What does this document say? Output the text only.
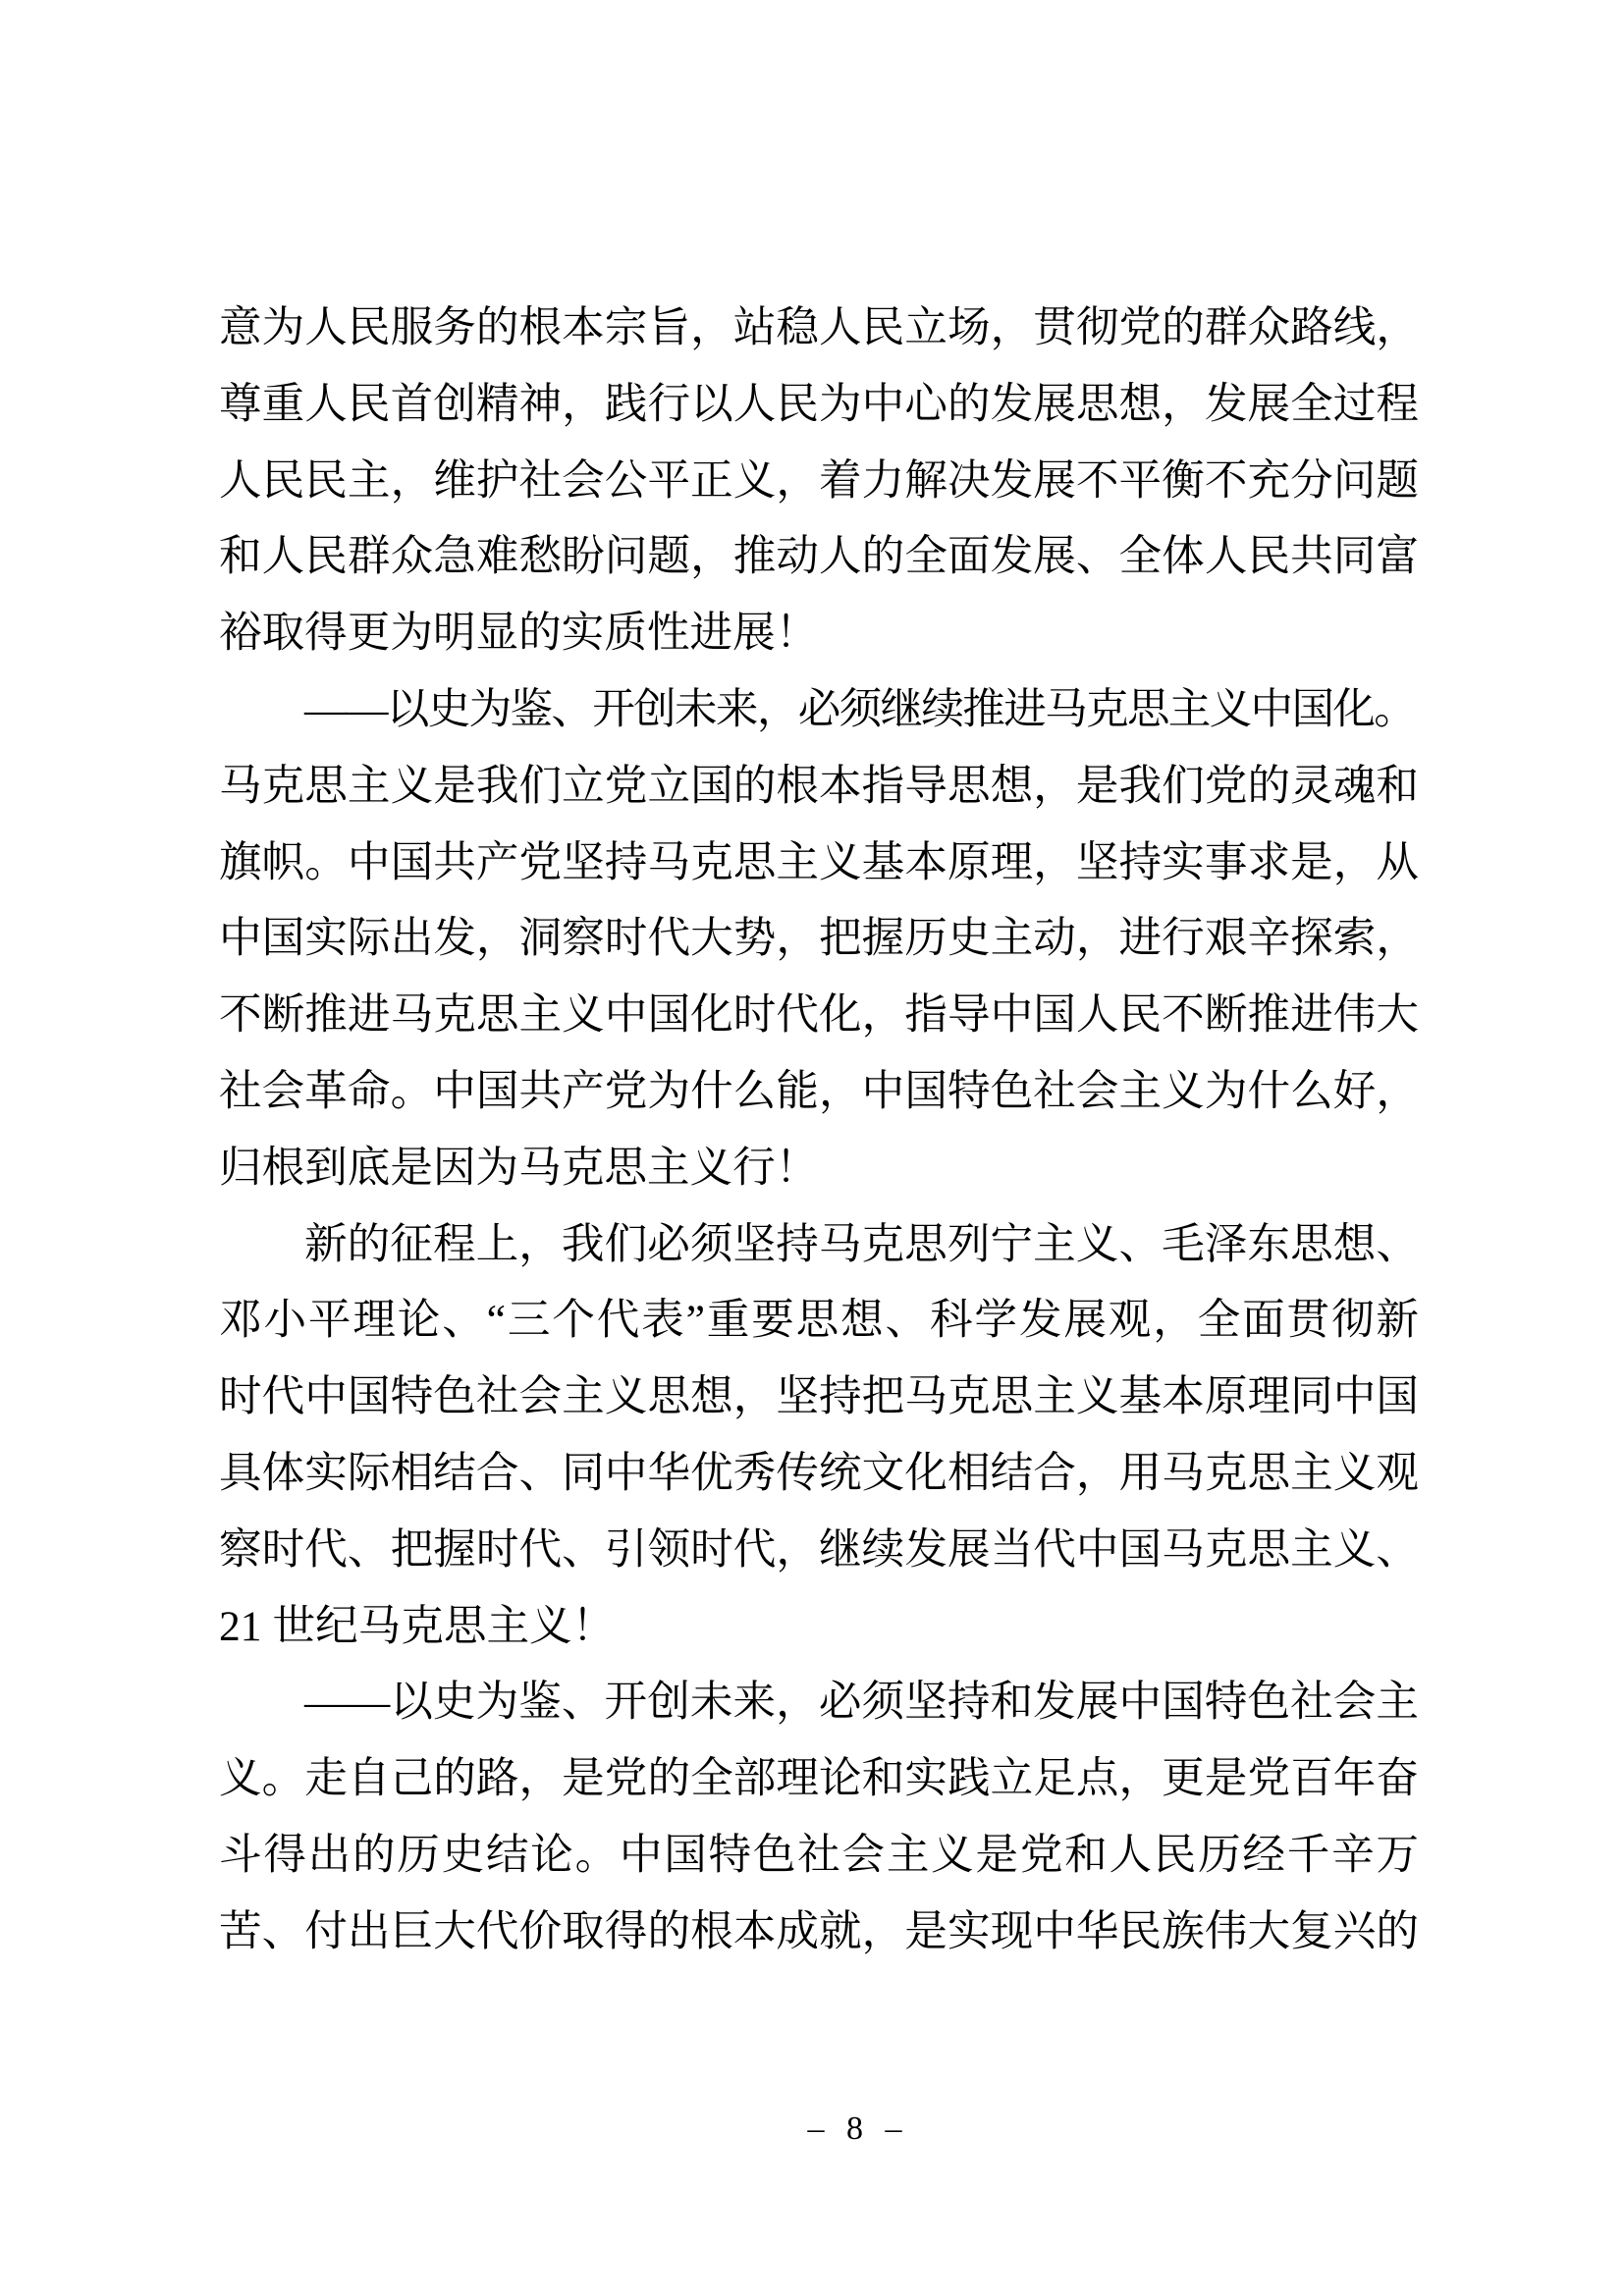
意为人民服务的根本宗旨，站稳人民立场，贯彻党的群众路线，
尊重人民首创精神，践行以人民为中心的发展思想，发展全过程
人民民主，维护社会公平正义，着力解决发展不平衡不充分问题
和人民群众急难愁盼问题，推动人的全面发展、全体人民共同富
裕取得更为明显的实质性进展！
——以史为鉴、开创未来，必须继续推进马克思主义中国化。
马克思主义是我们立党立国的根本指导思想，是我们党的灵魂和
旗帜。中国共产党坚持马克思主义基本原理，坚持实事求是，从
中国实际出发，洞察时代大势，把握历史主动，进行艰辛探索，
不断推进马克思主义中国化时代化，指导中国人民不断推进伟大
社会革命。中国共产党为什么能，中国特色社会主义为什么好，
归根到底是因为马克思主义行！
新的征程上，我们必须坚持马克思列宁主义、毛泽东思想、
邓小平理论、“三个代表”重要思想、科学发展观，全面贯彻新
时代中国特色社会主义思想，坚持把马克思主义基本原理同中国
具体实际相结合、同中华优秀传统文化相结合，用马克思主义观
察时代、把握时代、引领时代，继续发展当代中国马克思主义、
21 世纪马克思主义！
——以史为鉴、开创未来，必须坚持和发展中国特色社会主
义。走自己的路，是党的全部理论和实践立足点，更是党百年奋
斗得出的历史结论。中国特色社会主义是党和人民历经千辛万
苦、付出巨大代价取得的根本成就，是实现中华民族伟大复兴的
– 8 –
